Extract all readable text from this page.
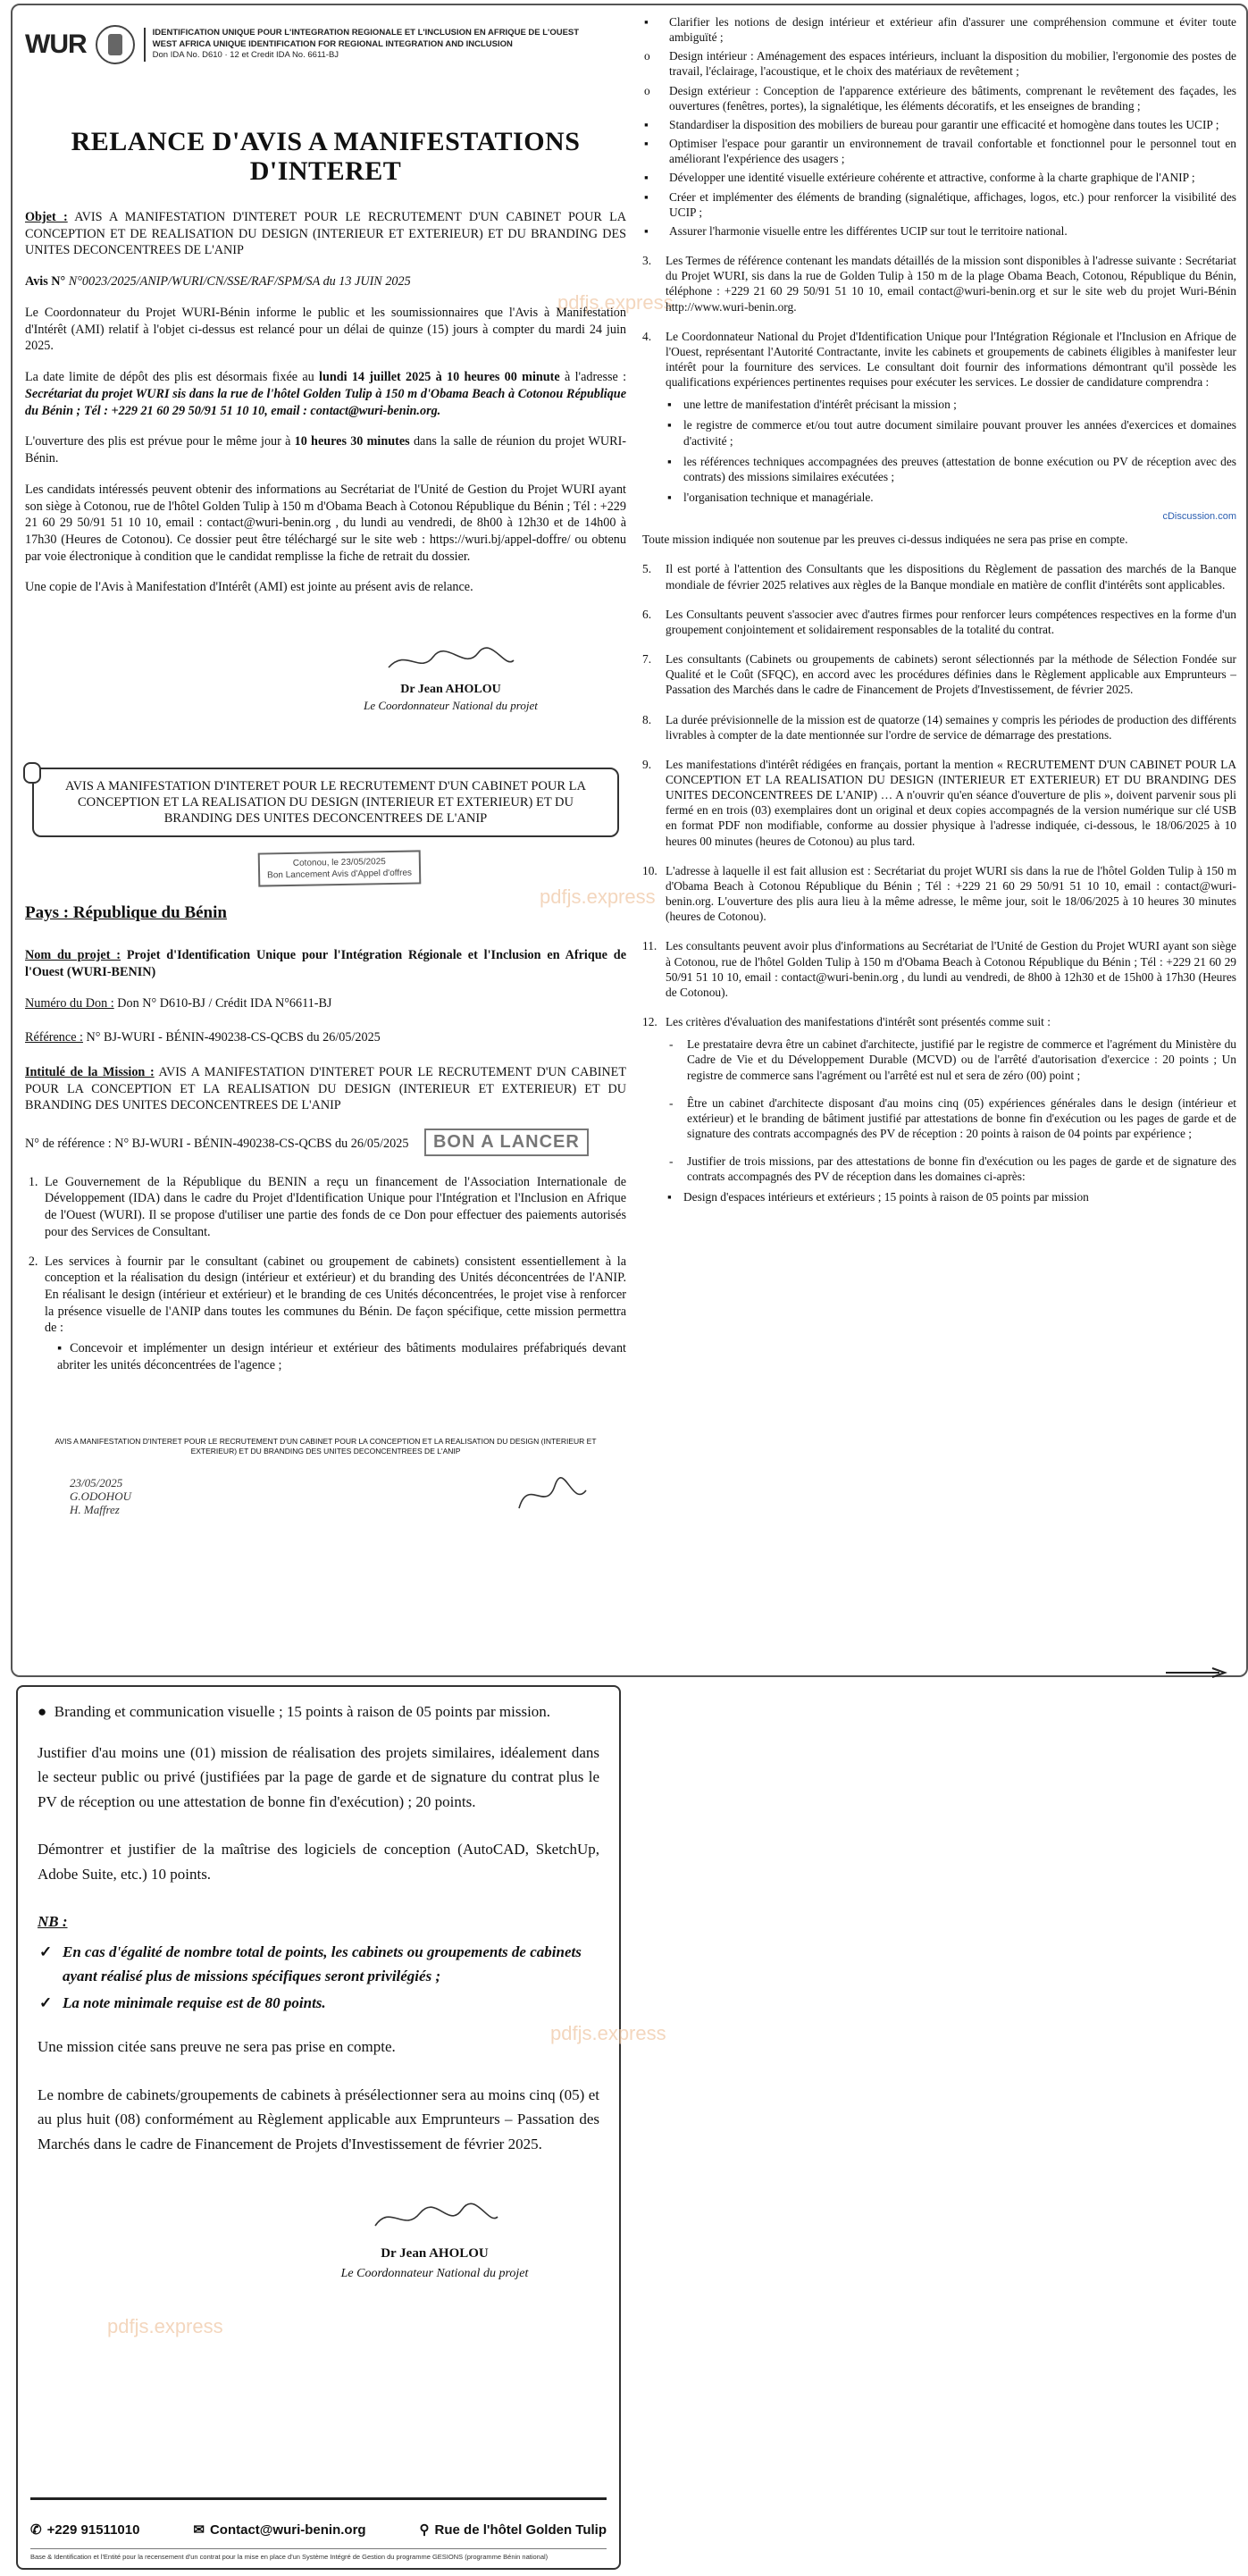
pdfjs.express
pdfjs.express
WUR	IDENTIFICATION UNIQUE POUR L'INTEGRATION REGIONALE ET L'INCLUSION EN AFRIQUE DE L'OUEST
WEST AFRICA UNIQUE IDENTIFICATION FOR REGIONAL INTEGRATION AND INCLUSION
Don IDA No. D610 · 12 et Credit IDA No. 6611-BJ
RELANCE D'AVIS A MANIFESTATIONS D'INTERET

Objet : AVIS A MANIFESTATION D'INTERET POUR LE RECRUTEMENT D'UN CABINET POUR LA CONCEPTION ET DE REALISATION DU DESIGN (INTERIEUR ET EXTERIEUR) ET DU BRANDING DES UNITES DECONCENTREES DE L'ANIP

Avis N° N°0023/2025/ANIP/WURI/CN/SSE/RAF/SPM/SA du 13 JUIN 2025

Le Coordonnateur du Projet WURI-Bénin informe le public et les soumissionnaires que l'Avis à Manifestation d'Intérêt (AMI) relatif à l'objet ci-dessus est relancé pour un délai de quinze (15) jours à compter du mardi 24 juin 2025.

La date limite de dépôt des plis est désormais fixée au lundi 14 juillet 2025 à 10 heures 00 minute à l'adresse : Secrétariat du projet WURI sis dans la rue de l'hôtel Golden Tulip à 150 m d'Obama Beach à Cotonou République du Bénin ; Tél : +229 21 60 29 50/91 51 10 10, email : contact@wuri-benin.org.

L'ouverture des plis est prévue pour le même jour à 10 heures 30 minutes dans la salle de réunion du projet WURI-Bénin.

Les candidats intéressés peuvent obtenir des informations au Secrétariat de l'Unité de Gestion du Projet WURI ayant son siège à Cotonou, rue de l'hôtel Golden Tulip à 150 m d'Obama Beach à Cotonou République du Bénin ; Tél : +229 21 60 29 50/91 51 10 10, email : contact@wuri-benin.org , du lundi au vendredi, de 8h00 à 12h30 et de 14h00 à 17h30 (Heures de Cotonou). Ce dossier peut être téléchargé sur le site web : https://wuri.bj/appel-doffre/ ou obtenu par voie électronique à condition que le candidat remplisse la fiche de retrait du dossier.

Une copie de l'Avis à Manifestation d'Intérêt (AMI) est jointe au présent avis de relance.

Dr Jean AHOLOU
Le Coordonnateur National du projet
AVIS A MANIFESTATION D'INTERET POUR LE RECRUTEMENT D'UN CABINET POUR LA CONCEPTION ET LA REALISATION DU DESIGN (INTERIEUR ET EXTERIEUR) ET DU BRANDING DES UNITES DECONCENTREES DE L'ANIP
Cotonou, le 23/05/2025
Bon Lancement Avis d'Appel d'offres
Pays : République du Bénin

Nom du projet : Projet d'Identification Unique pour l'Intégration Régionale et l'Inclusion en Afrique de l'Ouest (WURI-BENIN)

Numéro du Don : Don N° D610-BJ / Crédit IDA N°6611-BJ
Référence : N° BJ-WURI - BÉNIN-490238-CS-QCBS du 26/05/2025

Intitulé de la Mission : AVIS A MANIFESTATION D'INTERET POUR LE RECRUTEMENT D'UN CABINET POUR LA CONCEPTION ET LA REALISATION DU DESIGN (INTERIEUR ET EXTERIEUR) ET DU BRANDING DES UNITES DECONCENTREES DE L'ANIP

N° de référence : N° BJ-WURI - BÉNIN-490238-CS-QCBS du 26/05/2025 BON A LANCER
1. Le Gouvernement de la République du BENIN a reçu un financement de l'Association Internationale de Développement (IDA) dans le cadre du Projet d'Identification Unique pour l'Intégration et l'Inclusion en Afrique de l'Ouest (WURI). Il se propose d'utiliser une partie des fonds de ce Don pour effectuer des paiements autorisés pour des Services de Consultant.
2. Les services à fournir par le consultant (cabinet ou groupement de cabinets) consistent essentiellement à la conception et la réalisation du design (intérieur et extérieur) et du branding des Unités déconcentrées de l'ANIP. En réalisant le design (intérieur et extérieur) et le branding de ces Unités déconcentrées, le projet vise à renforcer la présence visuelle de l'ANIP dans toutes les communes du Bénin. De façon spécifique, cette mission permettra de :
▪ Concevoir et implémenter un design intérieur et extérieur des bâtiments modulaires préfabriqués devant abriter les unités déconcentrées de l'agence ;
AVIS A MANIFESTATION D'INTERET POUR LE RECRUTEMENT D'UN CABINET POUR LA CONCEPTION ET LA REALISATION DU DESIGN (INTERIEUR ET EXTERIEUR) ET DU BRANDING DES UNITES DECONCENTREES DE L'ANIP
23/05/2025
G.ODOHOU
H. Maffrez
▪ Clarifier les notions de design intérieur et extérieur afin d'assurer une compréhension commune et éviter toute ambiguïté ;
o Design intérieur : Aménagement des espaces intérieurs, incluant la disposition du mobilier, l'ergonomie des postes de travail, l'éclairage, l'acoustique, et le choix des matériaux de revêtement ;
o Design extérieur : Conception de l'apparence extérieure des bâtiments, comprenant le revêtement des façades, les ouvertures (fenêtres, portes), la signalétique, les éléments décoratifs, et les enseignes de branding ;
▪ Standardiser la disposition des mobiliers de bureau pour garantir une efficacité et homogène dans toutes les UCIP ;
▪ Optimiser l'espace pour garantir un environnement de travail confortable et fonctionnel pour le personnel tout en améliorant l'expérience des usagers ;
▪ Développer une identité visuelle extérieure cohérente et attractive, conforme à la charte graphique de l'ANIP ;
▪ Créer et implémenter des éléments de branding (signalétique, affichages, logos, etc.) pour renforcer la visibilité des UCIP ;
▪ Assurer l'harmonie visuelle entre les différentes UCIP sur tout le territoire national.
3. Les Termes de référence contenant les mandats détaillés de la mission sont disponibles à l'adresse suivante : Secrétariat du Projet WURI, sis dans la rue de Golden Tulip à 150 m de la plage Obama Beach, Cotonou, République du Bénin, téléphone : +229 21 60 29 50/91 51 10 10, email contact@wuri-benin.org et sur le site web du projet Wuri-Bénin http://www.wuri-benin.org.
4. Le Coordonnateur National du Projet d'Identification Unique pour l'Intégration Régionale et l'Inclusion en Afrique de l'Ouest, représentant l'Autorité Contractante, invite les cabinets et groupements de cabinets éligibles à manifester leur intérêt pour la fourniture des services. Le consultant doit fournir des informations démontrant qu'il possède les qualifications expériences pertinentes requises pour exécuter les services. Le dossier de candidature comprendra :
▪ une lettre de manifestation d'intérêt précisant la mission ;
▪ le registre de commerce et/ou tout autre document similaire pouvant prouver les années d'exercices et domaines d'activité ;
▪ les références techniques accompagnées des preuves (attestation de bonne exécution ou PV de réception avec des contrats) des missions similaires exécutées ;
▪ l'organisation technique et managériale.
cDiscussion.com

Toute mission indiquée non soutenue par les preuves ci-dessus indiquées ne sera pas prise en compte.

5. Il est porté à l'attention des Consultants que les dispositions du Règlement de passation des marchés de la Banque mondiale de février 2025 relatives aux règles de la Banque mondiale en matière de conflit d'intérêts sont applicables.
6. Les Consultants peuvent s'associer avec d'autres firmes pour renforcer leurs compétences respectives en la forme d'un groupement conjointement et solidairement responsables de la totalité du contrat.
7. Les consultants (Cabinets ou groupements de cabinets) seront sélectionnés par la méthode de Sélection Fondée sur Qualité et le Coût (SFQC), en accord avec les procédures définies dans le Règlement applicable aux Emprunteurs – Passation des Marchés dans le cadre de Financement de Projets d'Investissement, de février 2025.
8. La durée prévisionnelle de la mission est de quatorze (14) semaines y compris les périodes de production des différents livrables à compter de la date mentionnée sur l'ordre de service de démarrage des prestations.
9. Les manifestations d'intérêt rédigées en français, portant la mention « RECRUTEMENT D'UN CABINET POUR LA CONCEPTION ET LA REALISATION DU DESIGN (INTERIEUR ET EXTERIEUR) ET DU BRANDING DES UNITES DECONCENTREES DE L'ANIP) … A n'ouvrir qu'en séance d'ouverture de plis », doivent parvenir sous pli fermé en en trois (03) exemplaires dont un original et deux copies accompagnés de la version numérique sur clé USB en format PDF non modifiable, conforme au dossier physique à l'adresse indiquée, ci-dessous, le 18/06/2025 à 10 heures 00 minutes (heures de Cotonou) au plus tard.
10. L'adresse à laquelle il est fait allusion est : Secrétariat du projet WURI sis dans la rue de l'hôtel Golden Tulip à 150 m d'Obama Beach à Cotonou République du Bénin ; Tél : +229 21 60 29 50/91 51 10 10, email : contact@wuri-benin.org. L'ouverture des plis aura lieu à la même adresse, le même jour, soit le 18/06/2025 à 10 heures 30 minutes (heures de Cotonou).
11. Les consultants peuvent avoir plus d'informations au Secrétariat de l'Unité de Gestion du Projet WURI ayant son siège à Cotonou, rue de l'hôtel Golden Tulip à 150 m d'Obama Beach à Cotonou République du Bénin ; Tél : +229 21 60 29 50/91 51 10 10, email : contact@wuri-benin.org , du lundi au vendredi, de 8h00 à 12h30 et de 15h00 à 17h30 (Heures de Cotonou).
12. Les critères d'évaluation des manifestations d'intérêt sont présentés comme suit :
- Le prestataire devra être un cabinet d'architecte, justifié par le registre de commerce et l'agrément du Ministère du Cadre de Vie et du Développement Durable (MCVD) ou de l'arrêté d'autorisation d'exercice : 20 points ; Un registre de commerce sans l'agrément ou l'arrêté est nul et sera de zéro (00) point ;
- Être un cabinet d'architecte disposant d'au moins cinq (05) expériences générales dans le design (intérieur et extérieur) et le branding de bâtiment justifié par attestations de bonne fin d'exécution ou les pages de garde et de signature des contrats accompagnés des PV de réception : 20 points à raison de 04 points par expérience ;
- Justifier de trois missions, par des attestations de bonne fin d'exécution ou les pages de garde et de signature des contrats accompagnés des PV de réception dans les domaines ci-après:
▪ Design d'espaces intérieurs et extérieurs ; 15 points à raison de 05 points par mission
pdfjs.express
pdfjs.express

●  Branding et communication visuelle ; 15 points à raison de 05 points par mission.

Justifier d'au moins une (01) mission de réalisation des projets similaires, idéalement dans le secteur public ou privé (justifiées par la page de garde et de signature du contrat plus le PV de réception ou une attestation de bonne fin d'exécution) ; 20 points.

Démontrer et justifier de la maîtrise des logiciels de conception (AutoCAD, SketchUp, Adobe Suite, etc.) 10 points.

NB :
✓ En cas d'égalité de nombre total de points, les cabinets ou groupements de cabinets ayant réalisé plus de missions spécifiques seront privilégiés ;
✓ La note minimale requise est de 80 points.

Une mission citée sans preuve ne sera pas prise en compte.

Le nombre de cabinets/groupements de cabinets à présélectionner sera au moins cinq (05) et au plus huit (08) conformément au Règlement applicable aux Emprunteurs – Passation des Marchés dans le cadre de Financement de Projets d'Investissement de février 2025.

Dr Jean AHOLOU
Le Coordonnateur National du projet
✆ +229 91511010	✉ Contact@wuri-benin.org	⚲ Rue de l'hôtel Golden Tulip
Base & Identification et l'Entité pour la recensement d'un contrat pour la mise en place d'un Système Intégré de Gestion du programme GESIONS (programme Bénin national)
